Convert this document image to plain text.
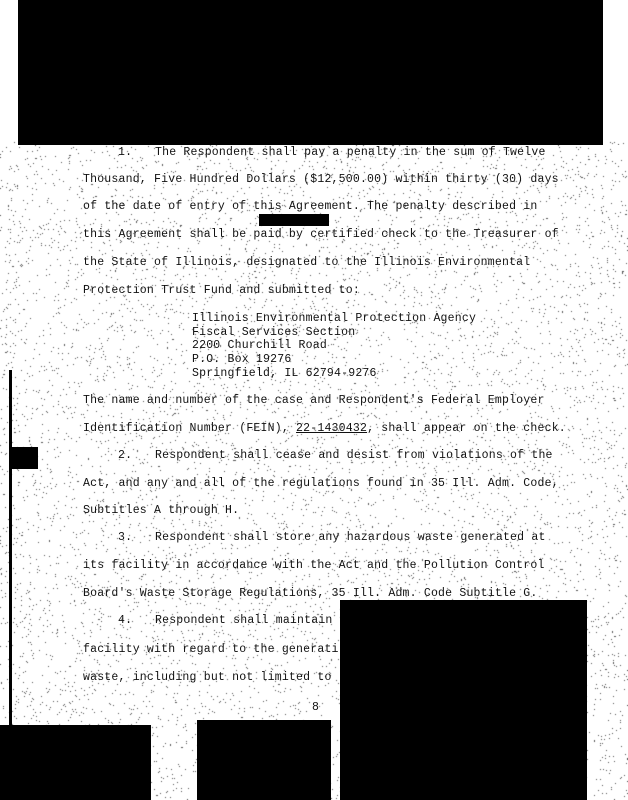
1. The Respondent shall pay a penalty in the sum of Twelve
Thousand, Five Hundred Dollars ($12,500.00) within thirty (30) days
of the date of entry of this Agreement. The penalty described in
this Agreement shall be paid by certified check to the Treasurer of
the State of Illinois, designated to the Illinois Environmental
Protection Trust Fund and submitted to:
Illinois Environmental Protection Agency
Fiscal Services Section
2200 Churchill Road
P.O. Box 19276
Springfield, IL 62794-9276
The name and number of the case and Respondent's Federal Employer
Identification Number (FEIN), 22-1430432, shall appear on the check.
2. Respondent shall cease and desist from violations of the
Act, and any and all of the regulations found in 35 Ill. Adm. Code,
Subtitles A through H.
3. Respondent shall store any hazardous waste generated at
its facility in accordance with the Act and the Pollution Control
Board's Waste Storage Regulations, 35 Ill. Adm. Code Subtitle G.
4. Respondent shall maintain
facility with regard to the generati
waste, including but not limited to
8
